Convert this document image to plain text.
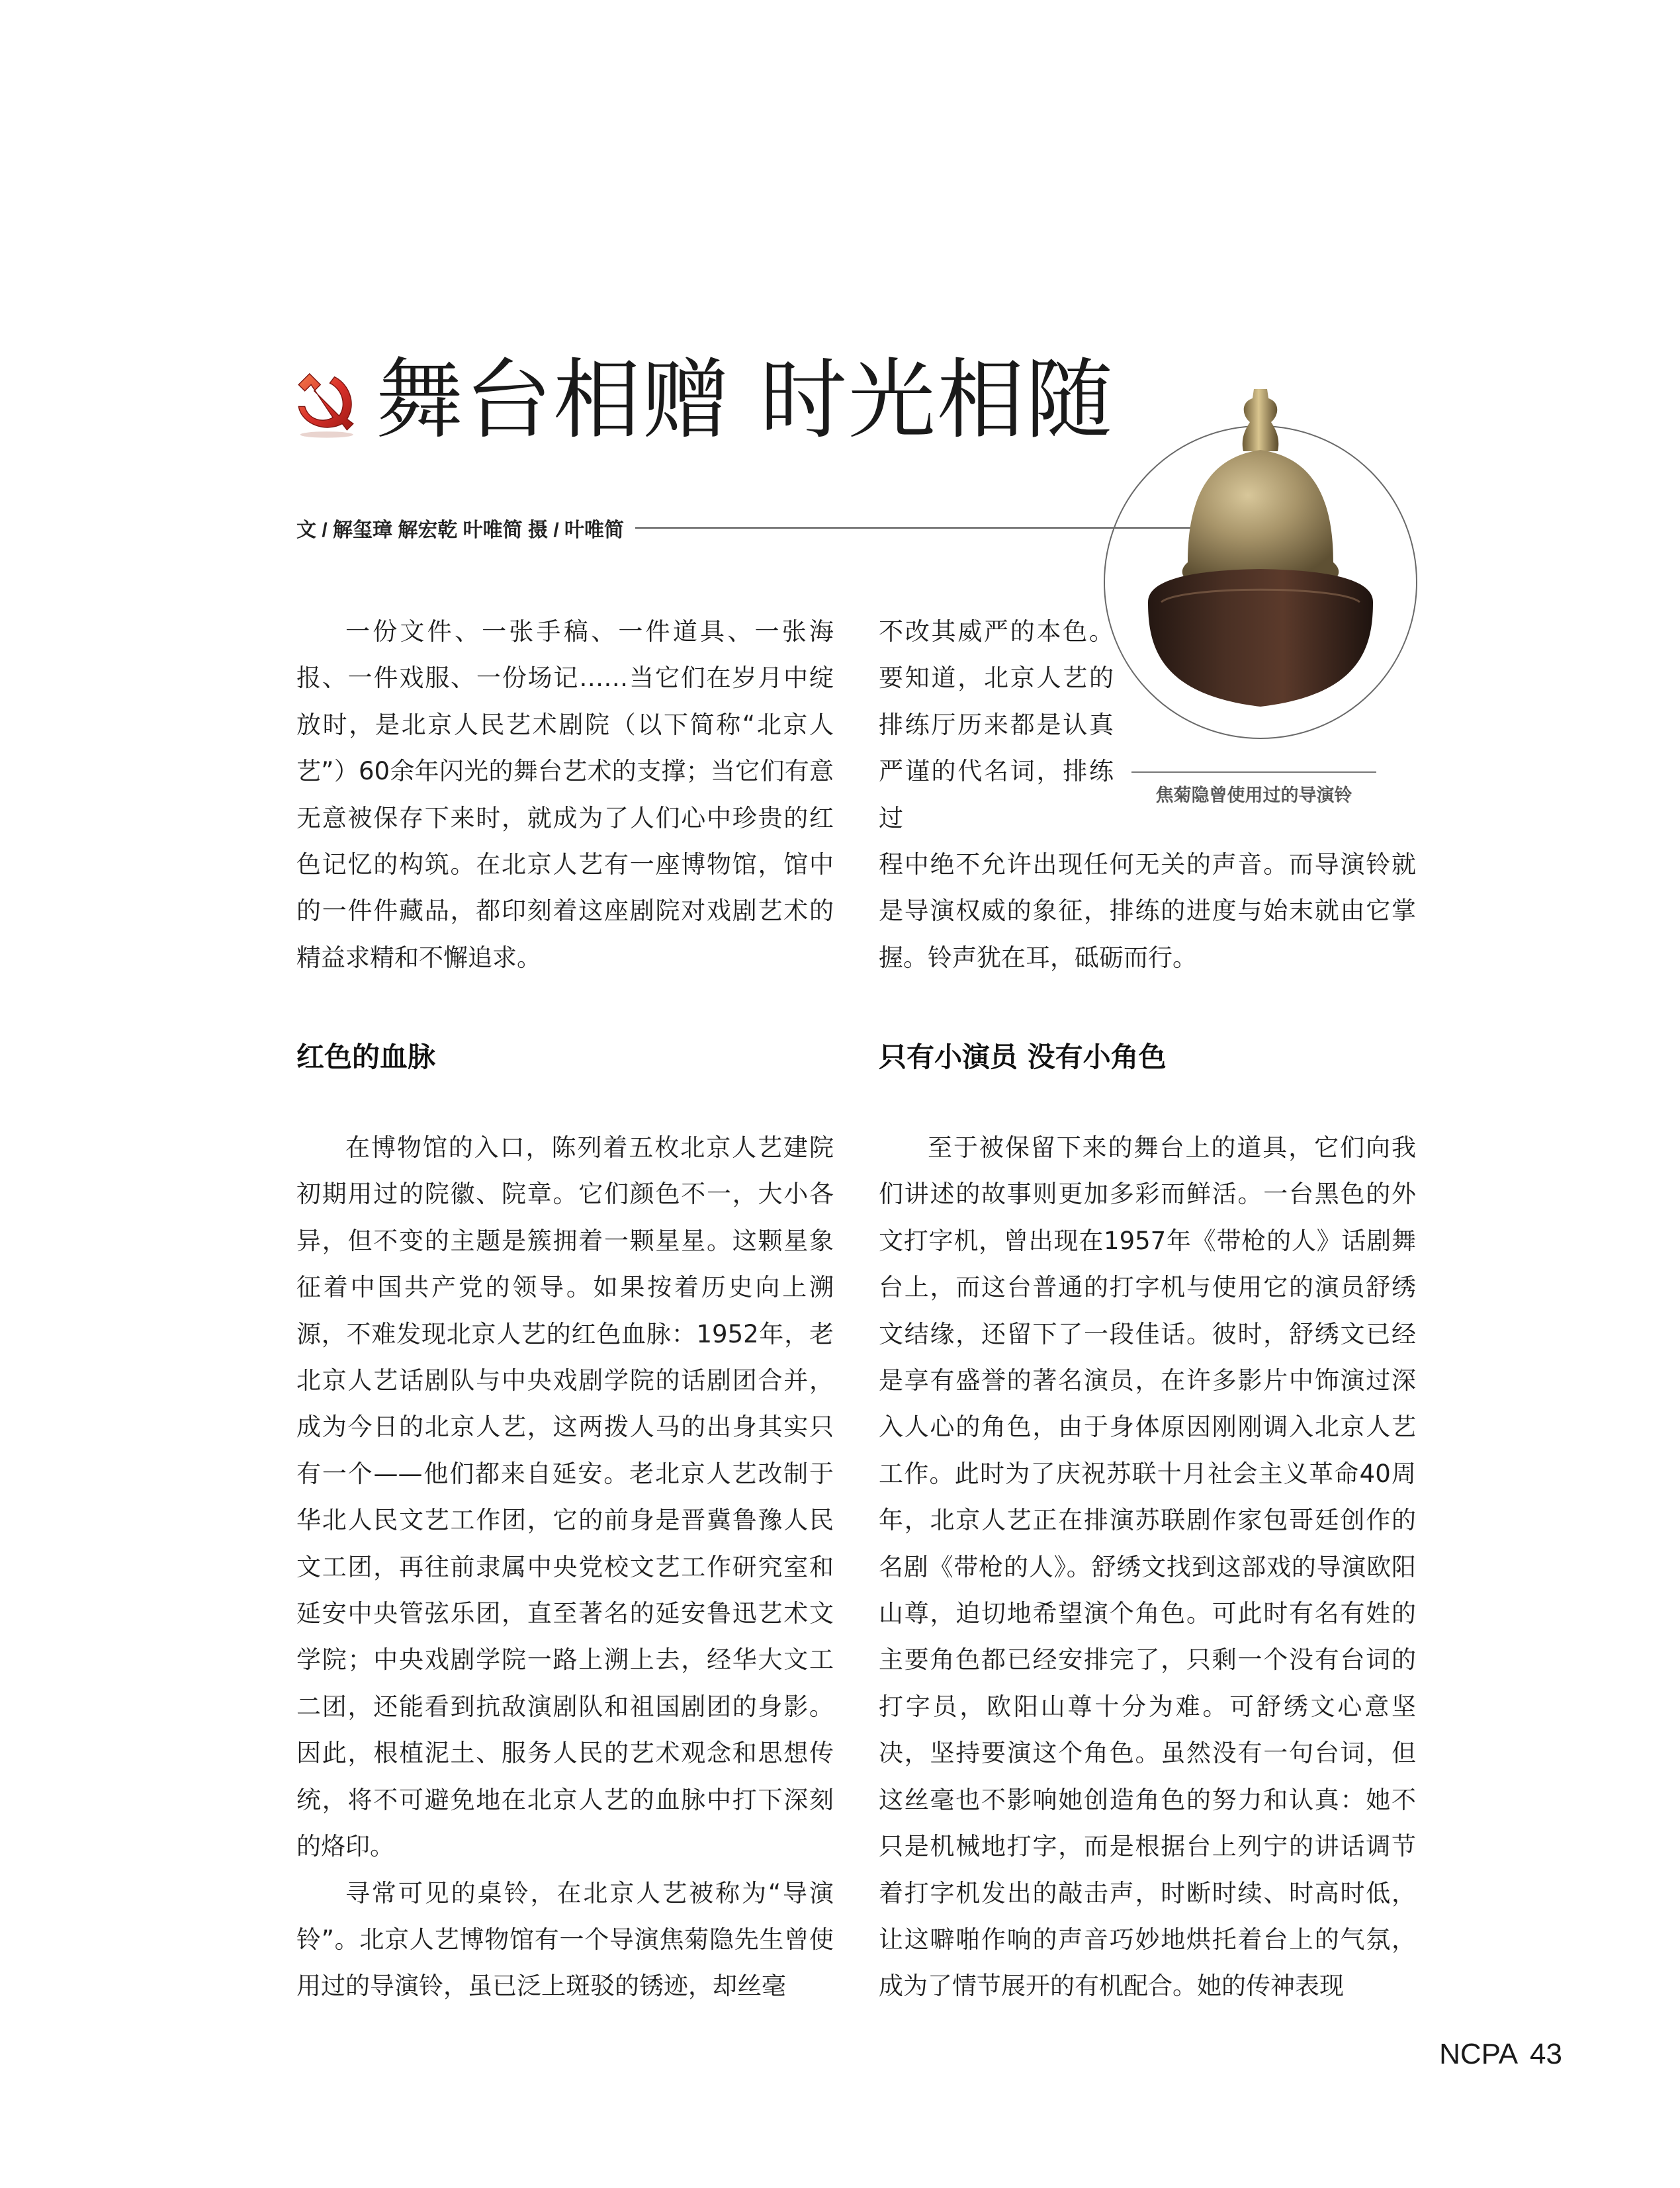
舞台相赠 时光相随
文 / 解玺璋 解宏乾 叶唯简 摄 / 叶唯简

一份文件、一张手稿、一件道具、一张海报、一件戏服、一份场记……当它们在岁月中绽放时，是北京人民艺术剧院（以下简称“北京人艺”）60余年闪光的舞台艺术的支撑；当它们有意无意被保存下来时，就成为了人们心中珍贵的红色记忆的构筑。在北京人艺有一座博物馆，馆中的一件件藏品，都印刻着这座剧院对戏剧艺术的精益求精和不懈追求。

不改其威严的本色。要知道，北京人艺的排练厅历来都是认真严谨的代名词，排练过

程中绝不允许出现任何无关的声音。而导演铃就是导演权威的象征，排练的进度与始末就由它掌握。铃声犹在耳，砥砺而行。

焦菊隐曾使用过的导演铃
红色的血脉	只有小演员 没有小角色

在博物馆的入口，陈列着五枚北京人艺建院初期用过的院徽、院章。它们颜色不一，大小各异，但不变的主题是簇拥着一颗星星。这颗星象征着中国共产党的领导。如果按着历史向上溯源，不难发现北京人艺的红色血脉：1952年，老北京人艺话剧队与中央戏剧学院的话剧团合并，成为今日的北京人艺，这两拨人马的出身其实只有一个——他们都来自延安。老北京人艺改制于华北人民文艺工作团，它的前身是晋冀鲁豫人民文工团，再往前隶属中央党校文艺工作研究室和延安中央管弦乐团，直至著名的延安鲁迅艺术文学院；中央戏剧学院一路上溯上去，经华大文工二团，还能看到抗敌演剧队和祖国剧团的身影。因此，根植泥土、服务人民的艺术观念和思想传统，将不可避免地在北京人艺的血脉中打下深刻的烙印。

寻常可见的桌铃，在北京人艺被称为“导演铃”。北京人艺博物馆有一个导演焦菊隐先生曾使用过的导演铃，虽已泛上斑驳的锈迹，却丝毫

至于被保留下来的舞台上的道具，它们向我们讲述的故事则更加多彩而鲜活。一台黑色的外文打字机，曾出现在1957年《带枪的人》话剧舞台上，而这台普通的打字机与使用它的演员舒绣文结缘，还留下了一段佳话。彼时，舒绣文已经是享有盛誉的著名演员，在许多影片中饰演过深入人心的角色，由于身体原因刚刚调入北京人艺工作。此时为了庆祝苏联十月社会主义革命40周年，北京人艺正在排演苏联剧作家包哥廷创作的名剧《带枪的人》。舒绣文找到这部戏的导演欧阳山尊，迫切地希望演个角色。可此时有名有姓的主要角色都已经安排完了，只剩一个没有台词的打字员，欧阳山尊十分为难。可舒绣文心意坚决，坚持要演这个角色。虽然没有一句台词，但这丝毫也不影响她创造角色的努力和认真：她不只是机械地打字，而是根据台上列宁的讲话调节着打字机发出的敲击声，时断时续、时高时低，让这噼啪作响的声音巧妙地烘托着台上的气氛，成为了情节展开的有机配合。她的传神表现

NCPA 43
